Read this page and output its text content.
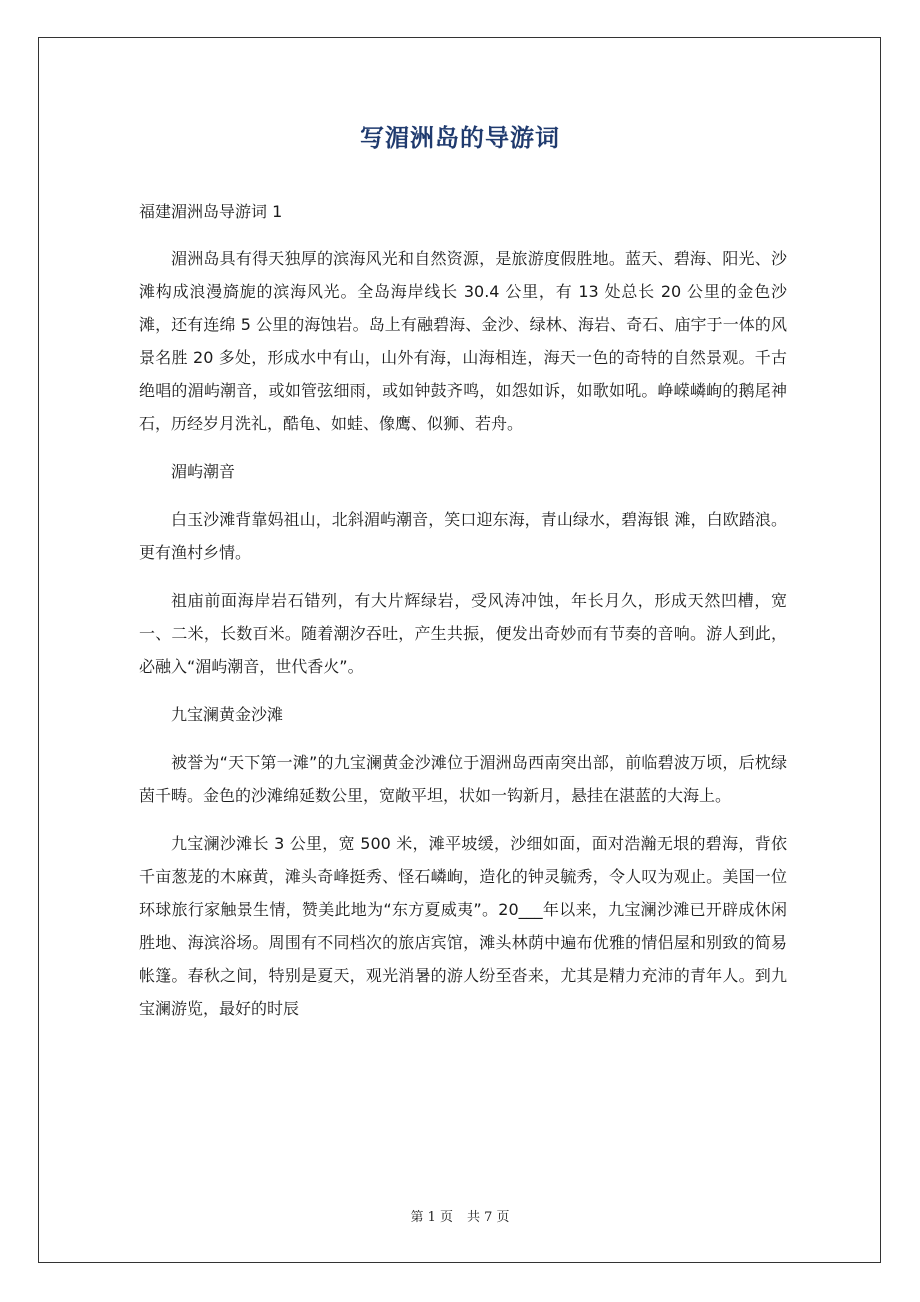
写湄洲岛的导游词

福建湄洲岛导游词 1

湄洲岛具有得天独厚的滨海风光和自然资源，是旅游度假胜地。蓝天、碧海、阳光、沙滩构成浪漫旖旎的滨海风光。全岛海岸线长 30.4 公里，有 13 处总长 20 公里的金色沙滩，还有连绵 5 公里的海蚀岩。岛上有融碧海、金沙、绿林、海岩、奇石、庙宇于一体的风景名胜 20 多处，形成水中有山，山外有海，山海相连，海天一色的奇特的自然景观。千古绝唱的湄屿潮音，或如管弦细雨，或如钟鼓齐鸣，如怨如诉，如歌如吼。峥嵘嶙峋的鹅尾神石，历经岁月洗礼，酷龟、如蛙、像鹰、似狮、若舟。

湄屿潮音

白玉沙滩背靠妈祖山，北斜湄屿潮音，笑口迎东海，青山绿水，碧海银 滩，白欧踏浪。更有渔村乡情。

祖庙前面海岸岩石错列，有大片辉绿岩，受风涛冲蚀，年长月久，形成天然凹槽，宽一、二米，长数百米。随着潮汐吞吐，产生共振，便发出奇妙而有节奏的音响。游人到此，必融入“湄屿潮音，世代香火”。

九宝澜黄金沙滩

被誉为“天下第一滩”的九宝澜黄金沙滩位于湄洲岛西南突出部，前临碧波万顷，后枕绿茵千畴。金色的沙滩绵延数公里，宽敞平坦，状如一钩新月，悬挂在湛蓝的大海上。

九宝澜沙滩长 3 公里，宽 500 米，滩平坡缓，沙细如面，面对浩瀚无垠的碧海，背依千亩葱茏的木麻黄，滩头奇峰挺秀、怪石嶙峋，造化的钟灵毓秀，令人叹为观止。美国一位环球旅行家触景生情，赞美此地为“东方夏威夷”。20___年以来，九宝澜沙滩已开辟成休闲胜地、海滨浴场。周围有不同档次的旅店宾馆，滩头林荫中遍布优雅的情侣屋和别致的简易帐篷。春秋之间，特别是夏天，观光消暑的游人纷至沓来，尤其是精力充沛的青年人。到九宝澜游览，最好的时辰

第 1 页 共 7 页
